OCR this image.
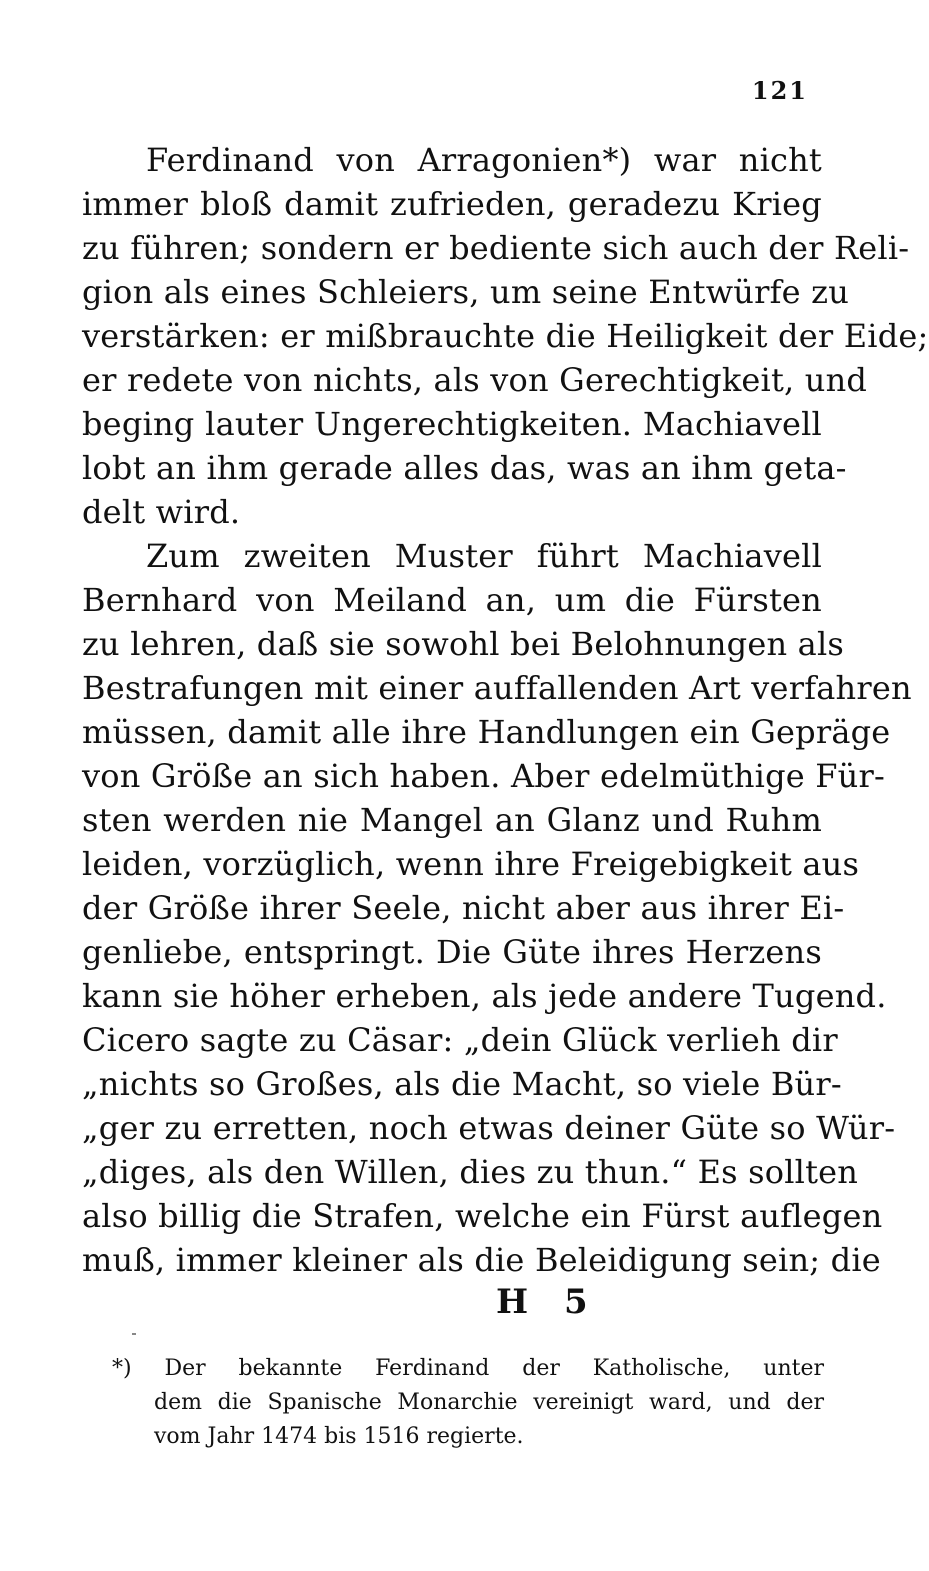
121
Ferdinand von Arragonien*) war nicht
immer bloß damit zufrieden, geradezu Krieg
zu führen; sondern er bediente sich auch der Reli-
gion als eines Schleiers, um seine Entwürfe zu
verstärken: er mißbrauchte die Heiligkeit der Eide;
er redete von nichts, als von Gerechtigkeit, und
beging lauter Ungerechtigkeiten. Machiavell
lobt an ihm gerade alles das, was an ihm geta-
delt wird.
Zum zweiten Muster führt Machiavell
Bernhard von Meiland an, um die Fürsten
zu lehren, daß sie sowohl bei Belohnungen als
Bestrafungen mit einer auffallenden Art verfahren
müssen, damit alle ihre Handlungen ein Gepräge
von Größe an sich haben. Aber edelmüthige Für-
sten werden nie Mangel an Glanz und Ruhm
leiden, vorzüglich, wenn ihre Freigebigkeit aus
der Größe ihrer Seele, nicht aber aus ihrer Ei-
genliebe, entspringt. Die Güte ihres Herzens
kann sie höher erheben, als jede andere Tugend.
Cicero sagte zu Cäsar: „dein Glück verlieh dir
„nichts so Großes, als die Macht, so viele Bür-
„ger zu erretten, noch etwas deiner Güte so Wür-
„diges, als den Willen, dies zu thun.“ Es sollten
also billig die Strafen, welche ein Fürst auflegen
muß, immer kleiner als die Beleidigung sein; die
H 5
*) Der bekannte Ferdinand der Katholische, unter
dem die Spanische Monarchie vereinigt ward, und der
vom Jahr 1474 bis 1516 regierte.
